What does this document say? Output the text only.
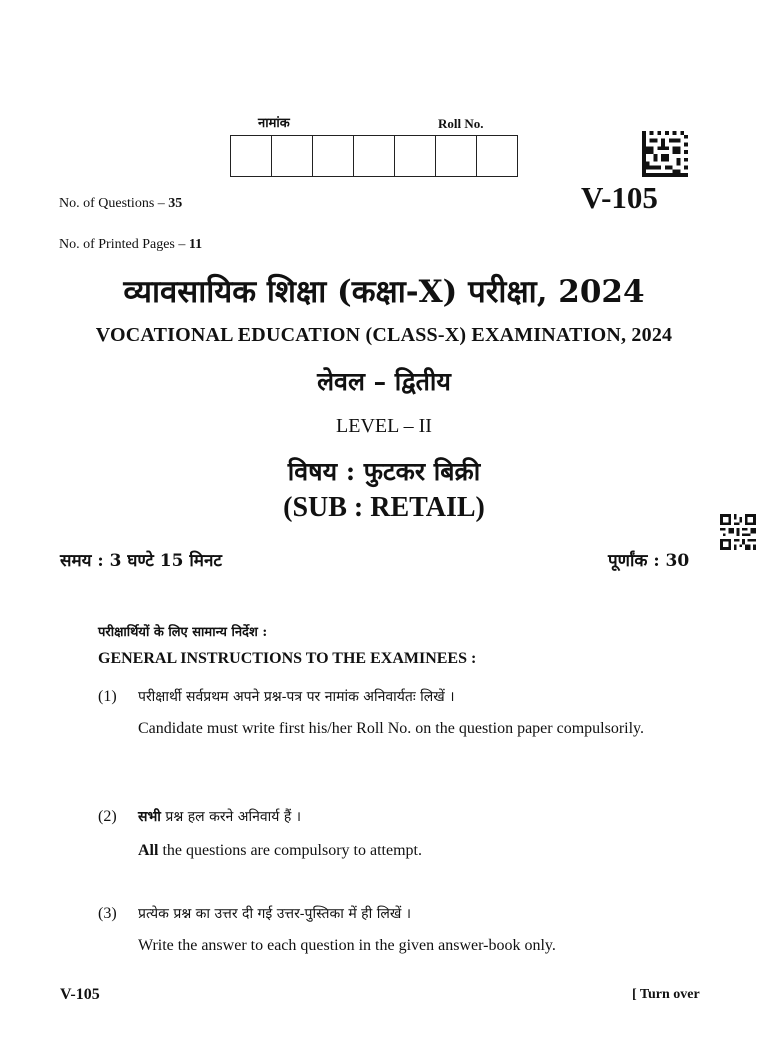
नामांक	Roll No.
V-105
No. of Questions – 35
No. of Printed Pages – 11
व्यावसायिक शिक्षा (कक्षा-X) परीक्षा, 2024
VOCATIONAL EDUCATION (CLASS-X) EXAMINATION, 2024
लेवल – द्वितीय
LEVEL – II
विषय : फुटकर बिक्री
(SUB : RETAIL)
समय : 3 घण्टे 15 मिनट	पूर्णांक : 30
परीक्षार्थियों के लिए सामान्य निर्देश :
GENERAL INSTRUCTIONS TO THE EXAMINEES :
(1) परीक्षार्थी सर्वप्रथम अपने प्रश्न-पत्र पर नामांक अनिवार्यतः लिखें ।
Candidate must write first his/her Roll No. on the question paper compulsorily.
(2) सभी प्रश्न हल करने अनिवार्य हैं ।
All the questions are compulsory to attempt.
(3) प्रत्येक प्रश्न का उत्तर दी गई उत्तर-पुस्तिका में ही लिखें ।
Write the answer to each question in the given answer-book only.
V-105	[ Turn over
